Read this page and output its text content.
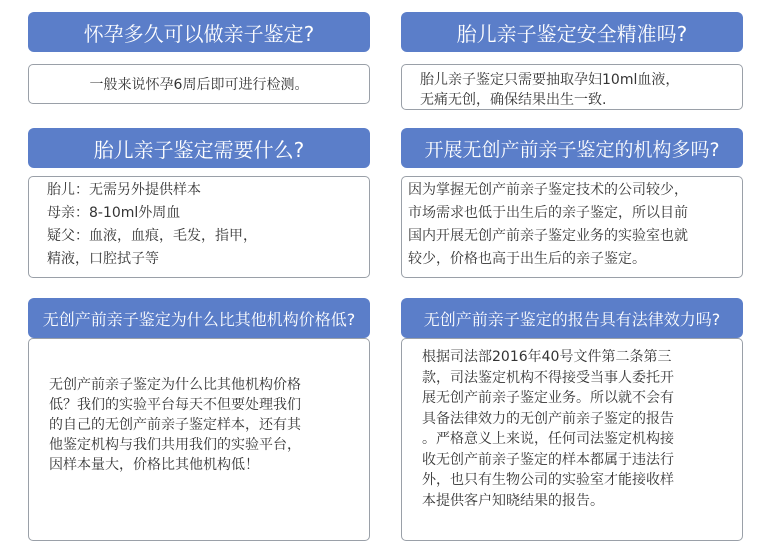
怀孕多久可以做亲子鉴定?

一般来说怀孕6周后即可进行检测。

胎儿亲子鉴定安全精准吗?

胎儿亲子鉴定只需要抽取孕妇10ml血液，

无痛无创，确保结果出生一致.

胎儿亲子鉴定需要什么?

胎儿：无需另外提供样本

母亲：8-10ml外周血

疑父：血液，血痕，毛发，指甲，

精液，口腔拭子等

开展无创产前亲子鉴定的机构多吗?

因为掌握无创产前亲子鉴定技术的公司较少，

市场需求也低于出生后的亲子鉴定，所以目前

国内开展无创产前亲子鉴定业务的实验室也就

较少，价格也高于出生后的亲子鉴定。

无创产前亲子鉴定为什么比其他机构价格低?

无创产前亲子鉴定为什么比其他机构价格

低？我们的实验平台每天不但要处理我们

的自己的无创产前亲子鉴定样本，还有其

他鉴定机构与我们共用我们的实验平台，

因样本量大，价格比其他机构低！

无创产前亲子鉴定的报告具有法律效力吗?

根据司法部2016年40号文件第二条第三

款，司法鉴定机构不得接受当事人委托开

展无创产前亲子鉴定业务。所以就不会有

具备法律效力的无创产前亲子鉴定的报告

。严格意义上来说，任何司法鉴定机构接

收无创产前亲子鉴定的样本都属于违法行

外，也只有生物公司的实验室才能接收样

本提供客户知晓结果的报告。
